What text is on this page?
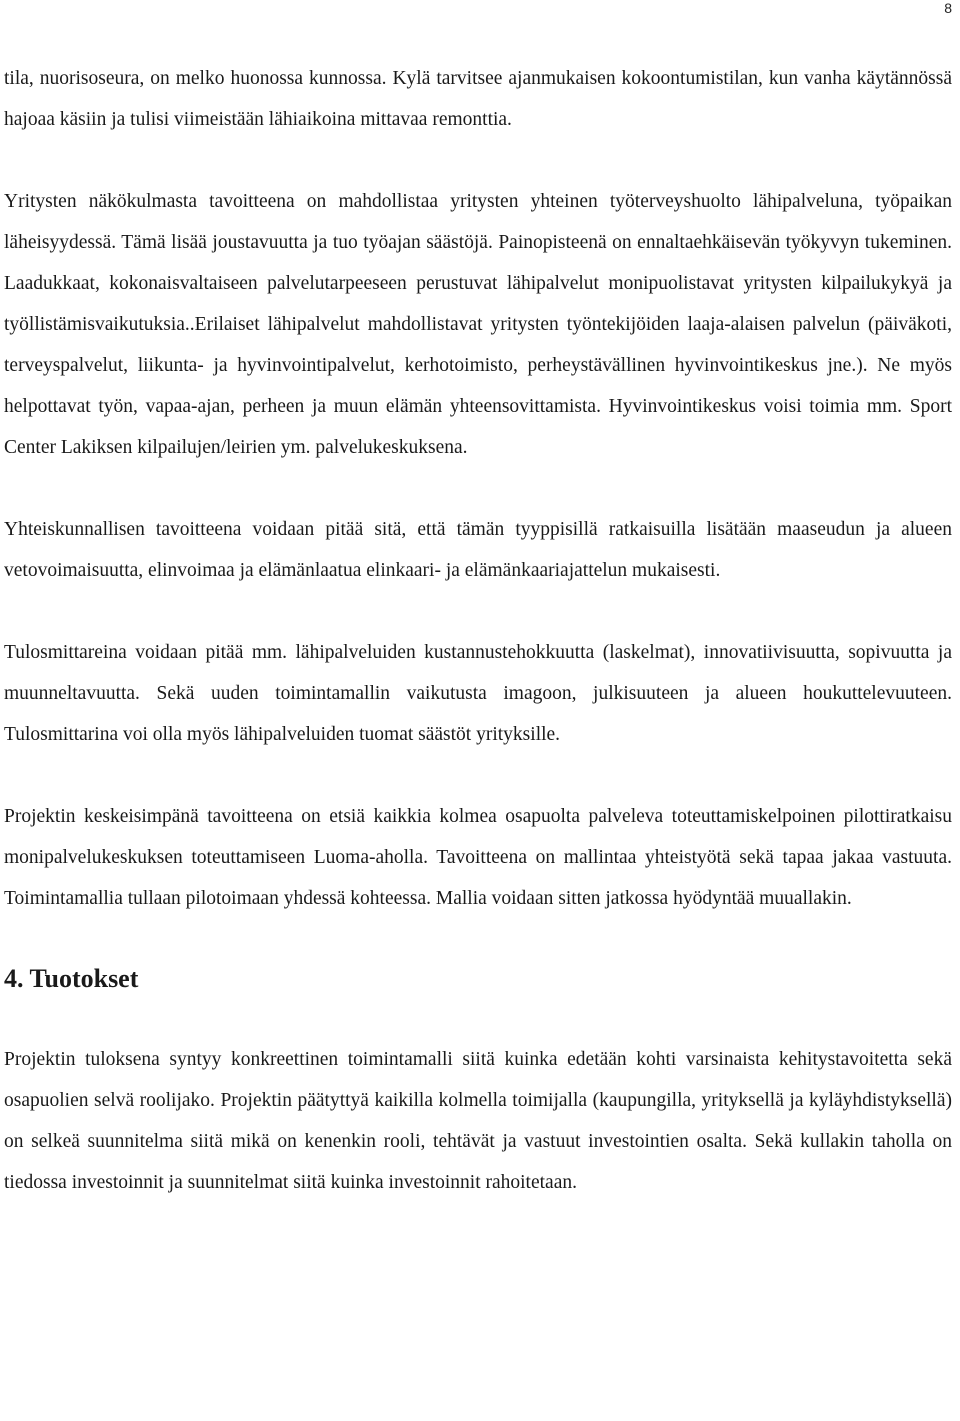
8

tila, nuorisoseura, on melko huonossa kunnossa. Kylä tarvitsee ajanmukaisen kokoontumistilan, kun vanha käytännössä hajoaa käsiin ja tulisi viimeistään lähiaikoina mittavaa remonttia.

Yritysten näkökulmasta tavoitteena on mahdollistaa yritysten yhteinen työterveyshuolto lähipalveluna, työpaikan läheisyydessä. Tämä lisää joustavuutta ja tuo työajan säästöjä. Painopisteenä on ennaltaehkäisevän työkyvyn tukeminen. Laadukkaat, kokonaisvaltaiseen palvelutarpeeseen perustuvat lähipalvelut monipuolistavat yritysten kilpailukykyä ja työllistämisvaikutuksia..Erilaiset lähipalvelut mahdollistavat yritysten työntekijöiden laaja-alaisen palvelun (päiväkoti, terveyspalvelut, liikunta- ja hyvinvointipalvelut, kerhotoimisto, perheystävällinen hyvinvointikeskus jne.). Ne myös helpottavat työn, vapaa-ajan, perheen ja muun elämän yhteensovittamista. Hyvinvointikeskus voisi toimia mm. Sport Center Lakiksen kilpailujen/leirien ym. palvelukeskuksena.

Yhteiskunnallisen tavoitteena voidaan pitää sitä, että tämän tyyppisillä ratkaisuilla lisätään maaseudun ja alueen vetovoimaisuutta, elinvoimaa ja elämänlaatua elinkaari- ja elämänkaariajattelun mukaisesti.

Tulosmittareina voidaan pitää mm. lähipalveluiden kustannustehokkuutta (laskelmat), innovatiivisuutta, sopivuutta ja muunneltavuutta. Sekä uuden toimintamallin vaikutusta imagoon, julkisuuteen ja alueen houkuttelevuuteen. Tulosmittarina voi olla myös lähipalveluiden tuomat säästöt yrityksille.

Projektin keskeisimpänä tavoitteena on etsiä kaikkia kolmea osapuolta palveleva toteuttamiskelpoinen pilottiratkaisu monipalvelukeskuksen toteuttamiseen Luoma-aholla. Tavoitteena on mallintaa yhteistyötä sekä tapaa jakaa vastuuta. Toimintamallia tullaan pilotoimaan yhdessä kohteessa. Mallia voidaan sitten jatkossa hyödyntää muuallakin.

4. Tuotokset

Projektin tuloksena syntyy konkreettinen toimintamalli siitä kuinka edetään kohti varsinaista kehitystavoitetta sekä osapuolien selvä roolijako. Projektin päätyttyä kaikilla kolmella toimijalla (kaupungilla, yrityksellä ja kyläyhdistyksellä) on selkeä suunnitelma siitä mikä on kenenkin rooli, tehtävät ja vastuut investointien osalta. Sekä kullakin taholla on tiedossa investoinnit ja suunnitelmat siitä kuinka investoinnit rahoitetaan.
